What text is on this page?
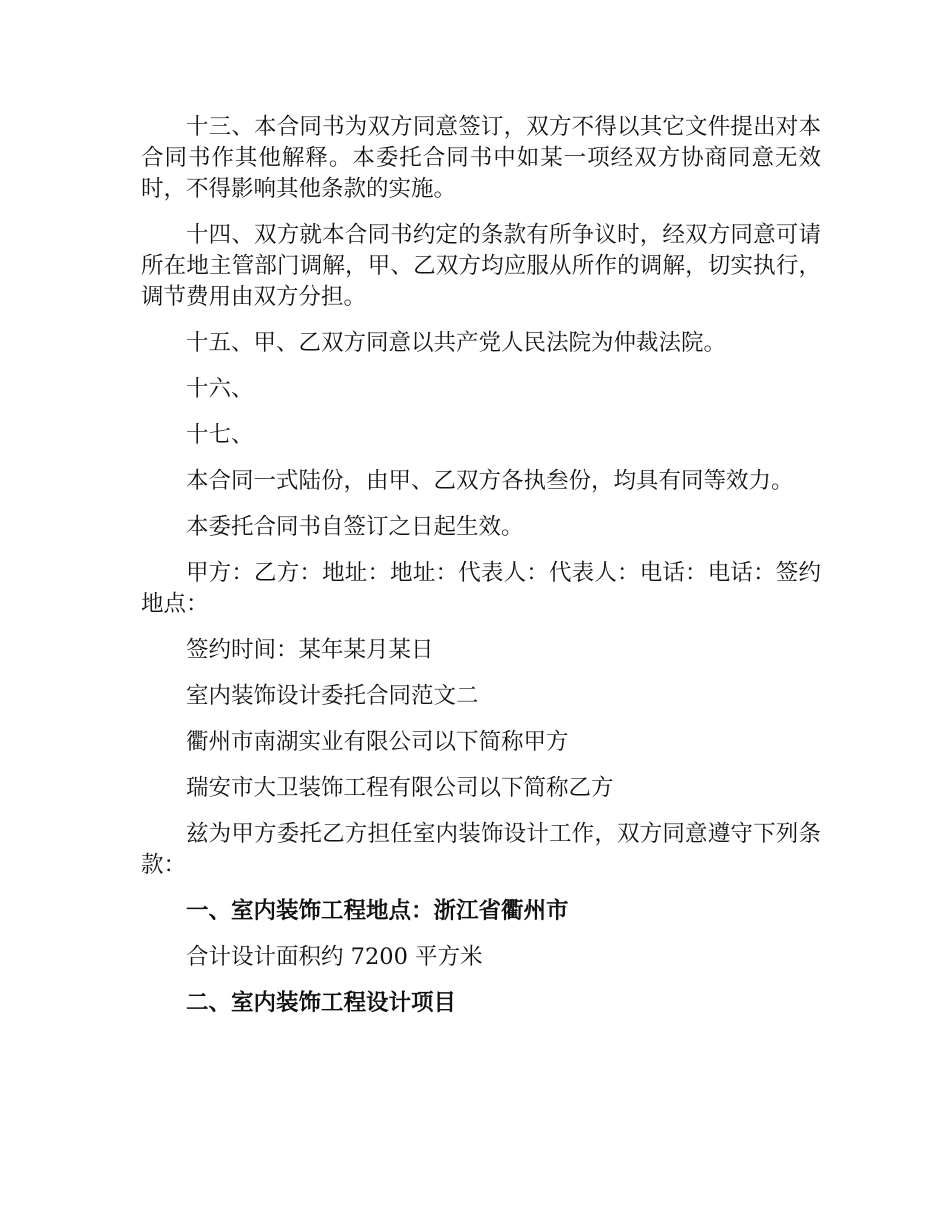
十三、本合同书为双方同意签订，双方不得以其它文件提出对本合同书作其他解释。本委托合同书中如某一项经双方协商同意无效时，不得影响其他条款的实施。

十四、双方就本合同书约定的条款有所争议时，经双方同意可请所在地主管部门调解，甲、乙双方均应服从所作的调解，切实执行，调节费用由双方分担。

十五、甲、乙双方同意以共产党人民法院为仲裁法院。

十六、

十七、

本合同一式陆份，由甲、乙双方各执叁份，均具有同等效力。

本委托合同书自签订之日起生效。

甲方：乙方：地址：地址：代表人：代表人：电话：电话：签约地点：

签约时间：某年某月某日

室内装饰设计委托合同范文二

衢州市南湖实业有限公司以下简称甲方

瑞安市大卫装饰工程有限公司以下简称乙方

兹为甲方委托乙方担任室内装饰设计工作，双方同意遵守下列条款：

一、室内装饰工程地点：浙江省衢州市

合计设计面积约 7200 平方米

二、室内装饰工程设计项目
